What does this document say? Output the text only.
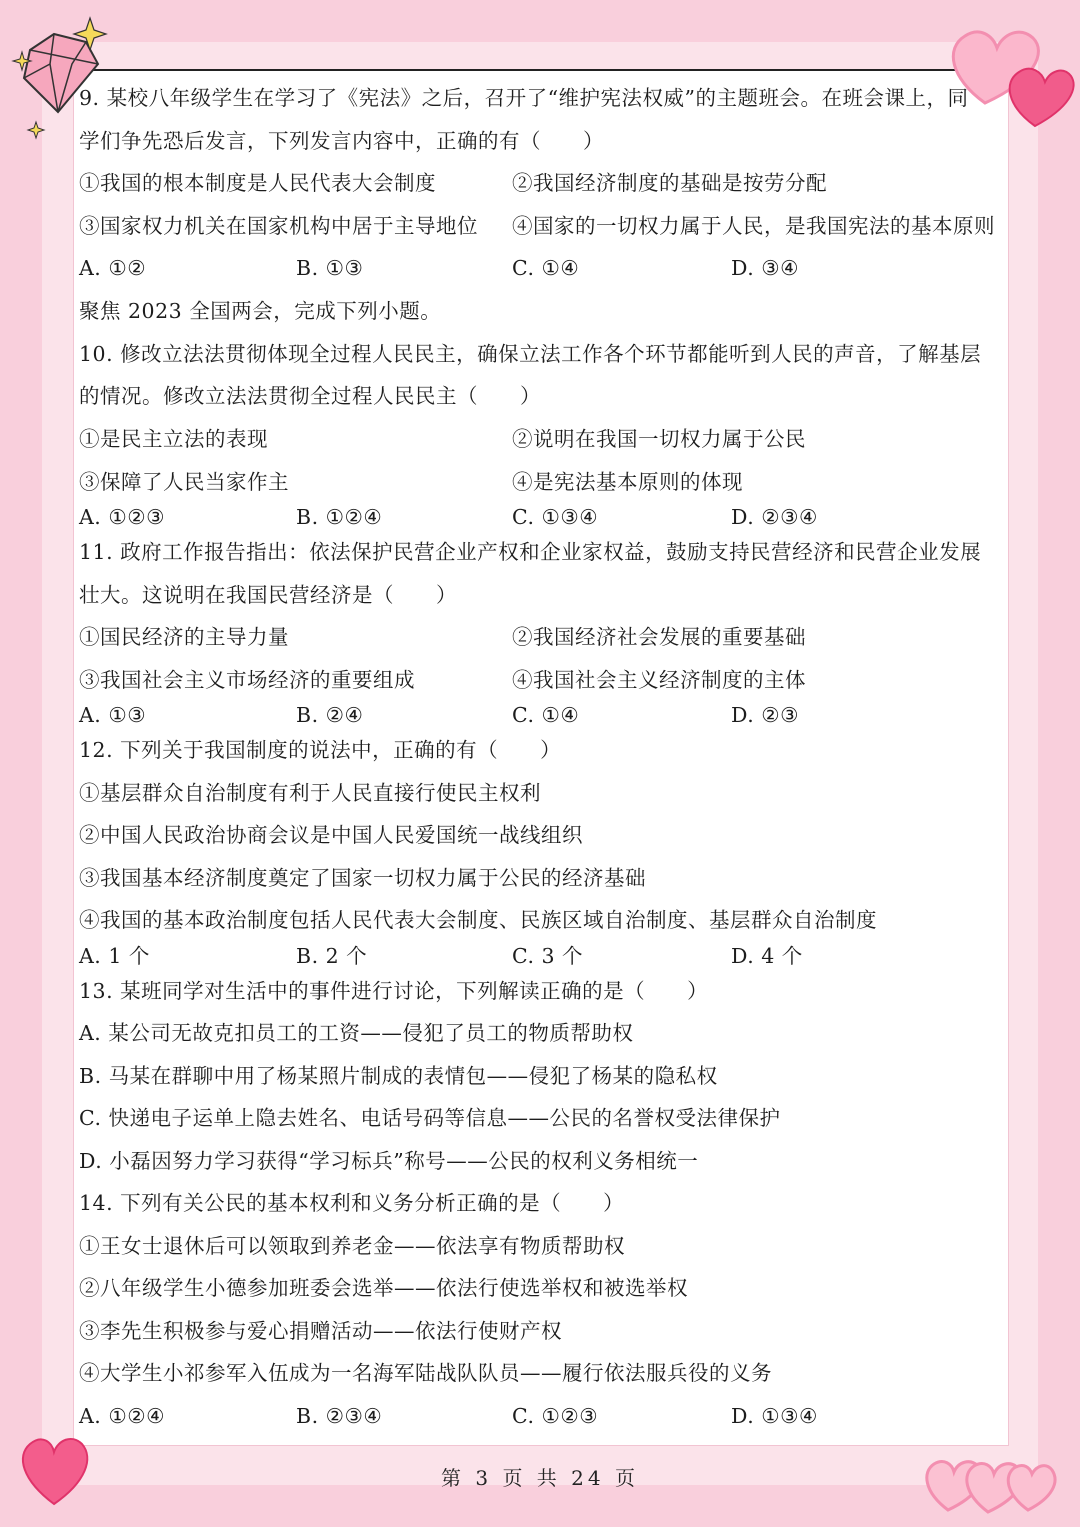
9. 某校八年级学生在学习了《宪法》之后，召开了“维护宪法权威”的主题班会。在班会课上，同
学们争先恐后发言，下列发言内容中，正确的有（　　）
①我国的根本制度是人民代表大会制度	②我国经济制度的基础是按劳分配
③国家权力机关在国家机构中居于主导地位 ④国家的一切权力属于人民，是我国宪法的基本原则
A. ①②	B. ①③	C. ①④	D. ③④
聚焦 2023 全国两会，完成下列小题。
10. 修改立法法贯彻体现全过程人民民主，确保立法工作各个环节都能听到人民的声音，了解基层
的情况。修改立法法贯彻全过程人民民主（　　）
①是民主立法的表现	②说明在我国一切权力属于公民
③保障了人民当家作主	④是宪法基本原则的体现
A. ①②③	B. ①②④	C. ①③④	D. ②③④
11. 政府工作报告指出：依法保护民营企业产权和企业家权益，鼓励支持民营经济和民营企业发展
壮大。这说明在我国民营经济是（　　）
①国民经济的主导力量	②我国经济社会发展的重要基础
③我国社会主义市场经济的重要组成	④我国社会主义经济制度的主体
A. ①③	B. ②④	C. ①④	D. ②③
12. 下列关于我国制度的说法中，正确的有（　　）
①基层群众自治制度有利于人民直接行使民主权利
②中国人民政治协商会议是中国人民爱国统一战线组织
③我国基本经济制度奠定了国家一切权力属于公民的经济基础
④我国的基本政治制度包括人民代表大会制度、民族区域自治制度、基层群众自治制度
A. 1 个	B. 2 个	C. 3 个	D. 4 个
13. 某班同学对生活中的事件进行讨论，下列解读正确的是（　　）
A. 某公司无故克扣员工的工资——侵犯了员工的物质帮助权
B. 马某在群聊中用了杨某照片制成的表情包——侵犯了杨某的隐私权
C. 快递电子运单上隐去姓名、电话号码等信息——公民的名誉权受法律保护
D. 小磊因努力学习获得“学习标兵”称号——公民的权利义务相统一
14. 下列有关公民的基本权利和义务分析正确的是（　　）
①王女士退休后可以领取到养老金——依法享有物质帮助权
②八年级学生小德参加班委会选举——依法行使选举权和被选举权
③李先生积极参与爱心捐赠活动——依法行使财产权
④大学生小祁参军入伍成为一名海军陆战队队员——履行依法服兵役的义务
A. ①②④	B. ②③④	C. ①②③	D. ①③④
第 3 页 共 24 页
